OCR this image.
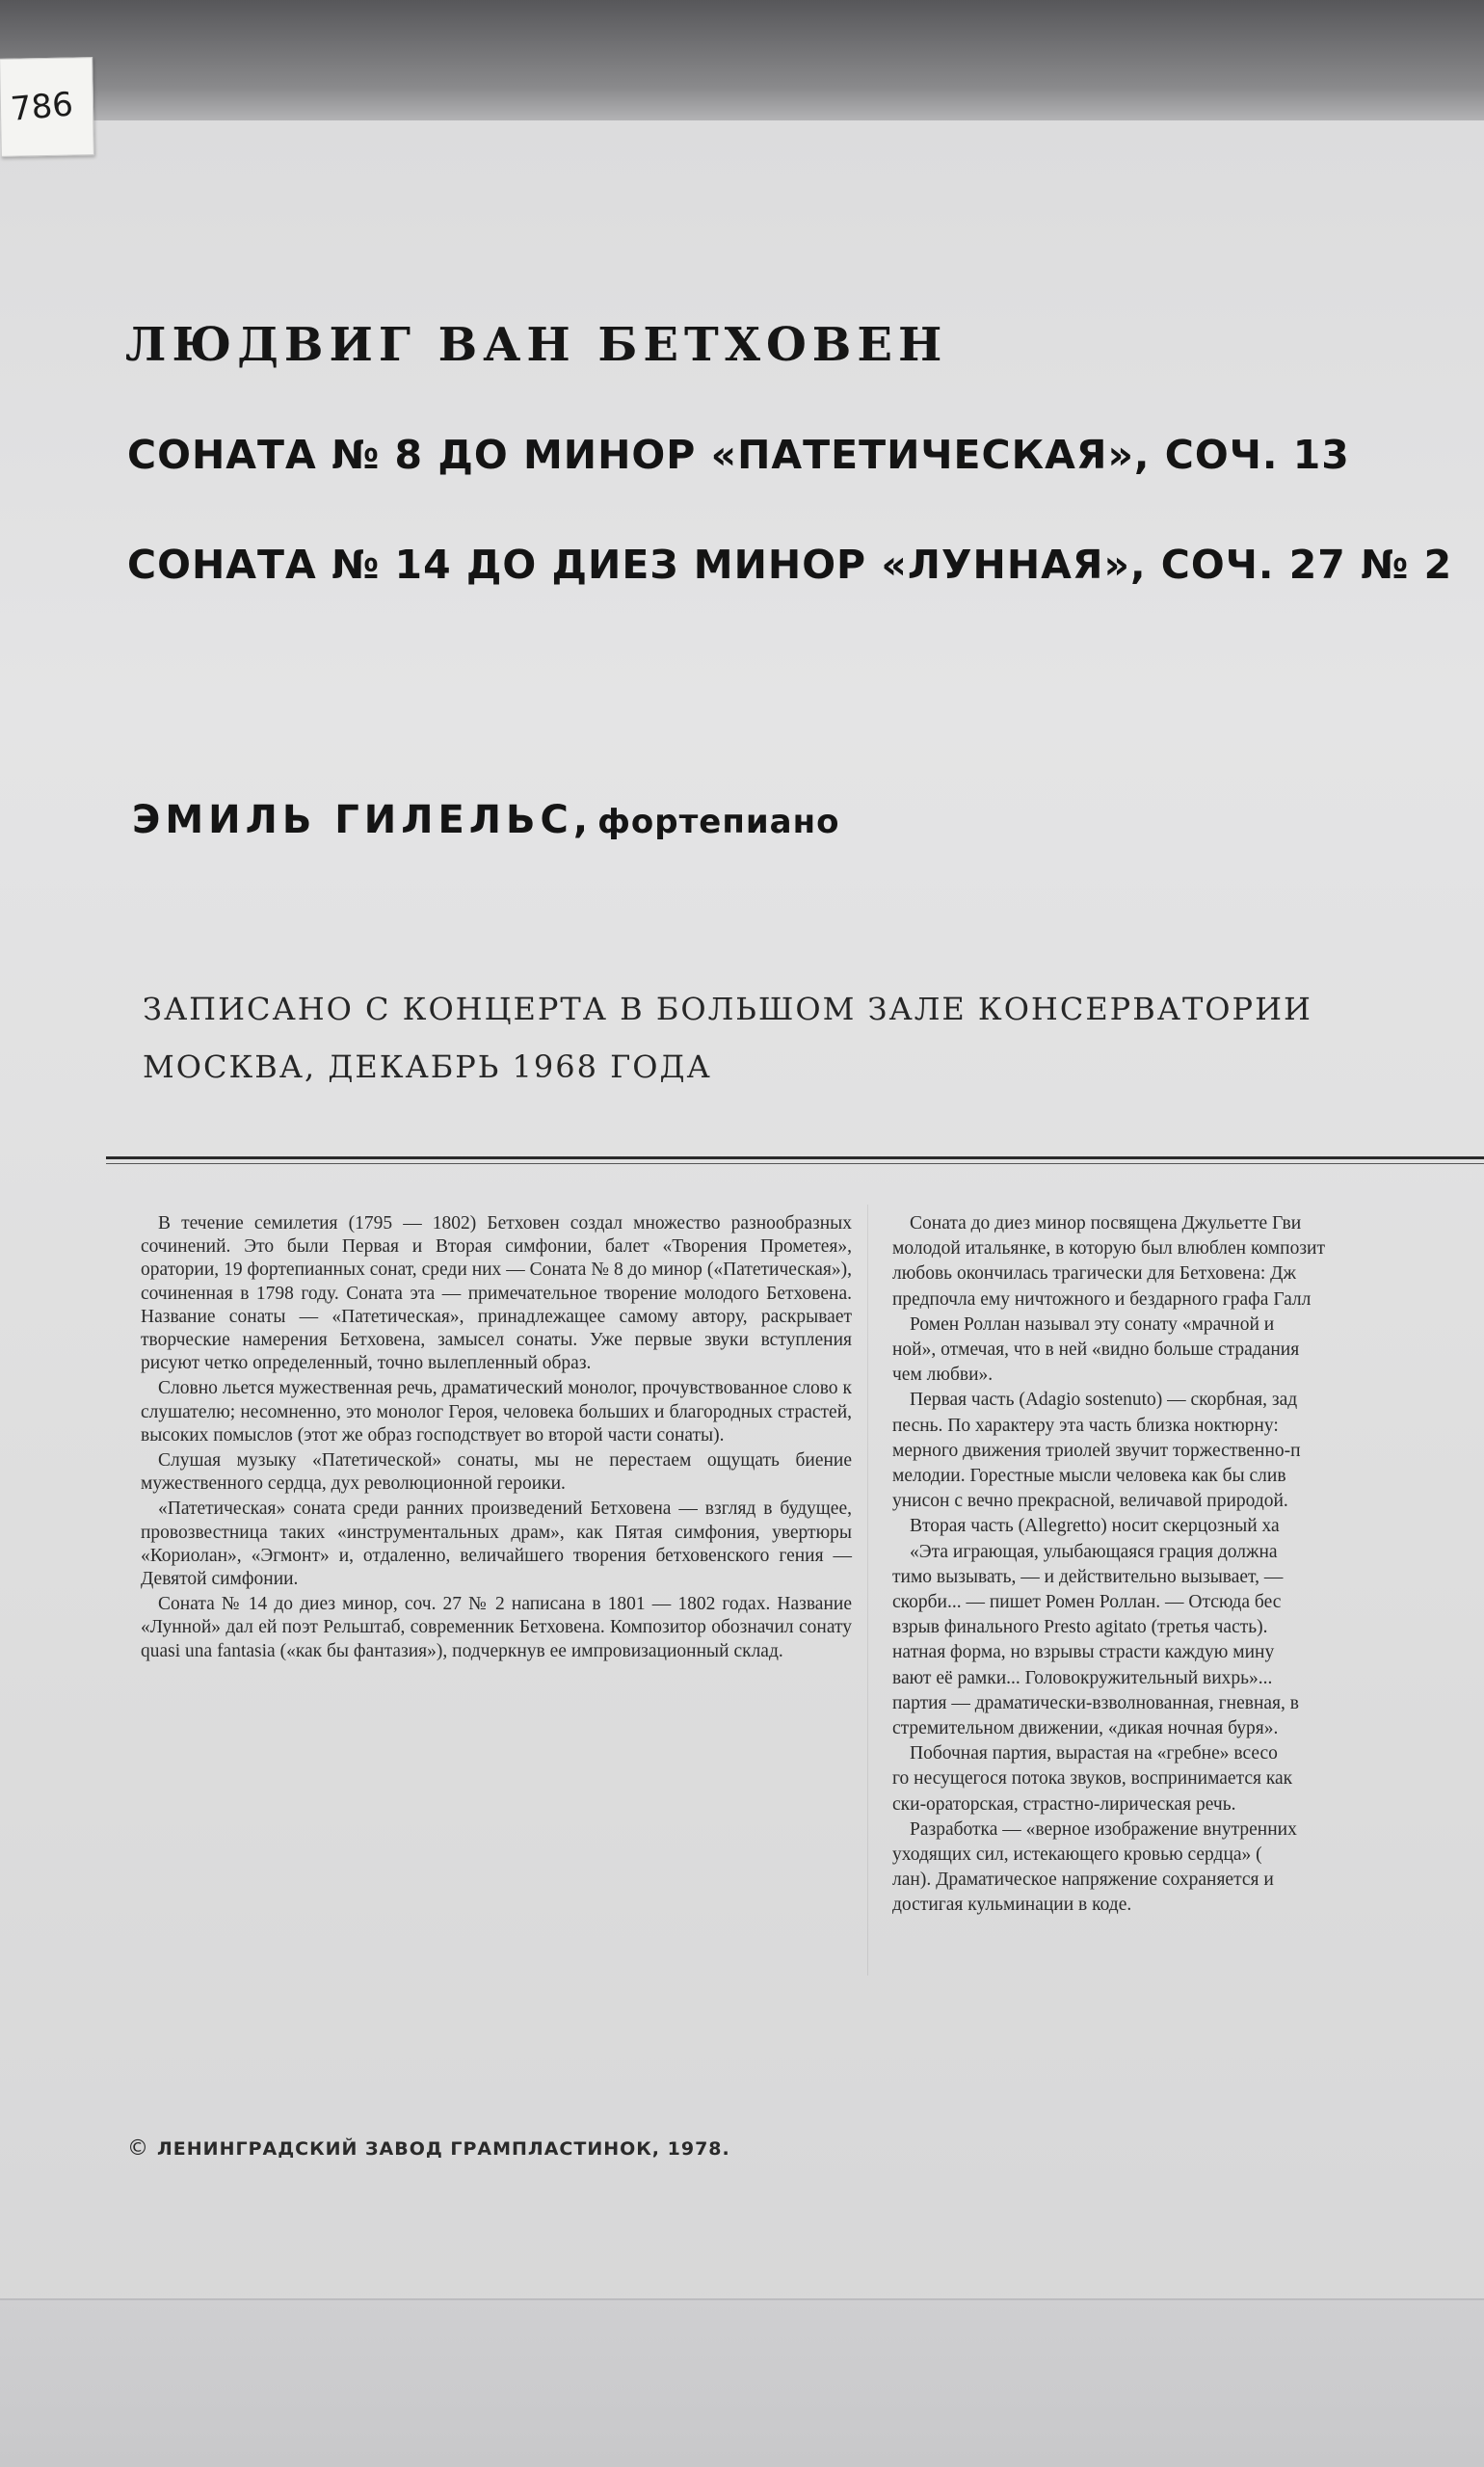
786
ЛЮДВИГ ВАН БЕТХОВЕН
СОНАТА № 8 ДО МИНОР «ПАТЕТИЧЕСКАЯ», СОЧ. 13
СОНАТА № 14 ДО ДИЕЗ МИНОР «ЛУННАЯ», СОЧ. 27 № 2
ЭМИЛЬ ГИЛЕЛЬС, фортепиано
ЗАПИСАНО С КОНЦЕРТА В БОЛЬШОМ ЗАЛЕ КОНСЕРВАТОРИИ
МОСКВА, ДЕКАБРЬ 1968 ГОДА

В течение семилетия (1795 — 1802) Бетховен создал множество разнообразных сочинений. Это были Первая и Вторая симфонии, балет «Творения Прометея», оратории, 19 фортепианных сонат, среди них — Соната № 8 до минор («Патетическая»), сочиненная в 1798 году. Соната эта — примечательное творение молодого Бетховена. Название сонаты — «Патетическая», принадлежащее самому автору, раскрывает творческие намерения Бетховена, замысел сонаты. Уже первые звуки вступления рисуют четко определенный, точно вылепленный образ.

Словно льется мужественная речь, драматический монолог, прочувствованное слово к слушателю; несомненно, это монолог Героя, человека больших и благородных страстей, высоких помыслов (этот же образ господствует во второй части сонаты).

Слушая музыку «Патетической» сонаты, мы не перестаем ощущать биение мужественного сердца, дух революционной героики.

«Патетическая» соната среди ранних произведений Бетховена — взгляд в будущее, провозвестница таких «инструментальных драм», как Пятая симфония, увертюры «Кориолан», «Эгмонт» и, отдаленно, величайшего творения бетховенского гения — Девятой симфонии.

Соната № 14 до диез минор, соч. 27 № 2 написана в 1801 — 1802 годах. Название «Лунной» дал ей поэт Рельштаб, современник Бетховена. Композитор обозначил сонату quasi una fantasia («как бы фантазия»), подчеркнув ее импровизационный склад.

Соната до диез минор посвящена Джульетте Гви

молодой итальянке, в которую был влюблен композит

любовь окончилась трагически для Бетховена: Дж

предпочла ему ничтожного и бездарного графа Галл

Ромен Роллан называл эту сонату «мрачной и

ной», отмечая, что в ней «видно больше страдания

чем любви».

Первая часть (Adagio sostenuto) — скорбная, зад

песнь. По характеру эта часть близка ноктюрну:

мерного движения триолей звучит торжественно-п

мелодии. Горестные мысли человека как бы слив

унисон с вечно прекрасной, величавой природой.

Вторая часть (Allegretto) носит скерцозный ха

«Эта играющая, улыбающаяся грация должна

тимо вызывать, — и действительно вызывает, —

скорби... — пишет Ромен Роллан. — Отсюда бес

взрыв финального Presto agitato (третья часть).

натная форма, но взрывы страсти каждую мину

вают её рамки... Головокружительный вихрь»...

партия — драматически-взволнованная, гневная, в

стремительном движении, «дикая ночная буря».

Побочная партия, вырастая на «гребне» всесо

го несущегося потока звуков, воспринимается как

ски-ораторская, страстно-лирическая речь.

Разработка — «верное изображение внутренних

уходящих сил, истекающего кровью сердца» (

лан). Драматическое напряжение сохраняется и

достигая кульминации в коде.

© ЛЕНИНГРАДСКИЙ ЗАВОД ГРАМПЛАСТИНОК, 1978.
